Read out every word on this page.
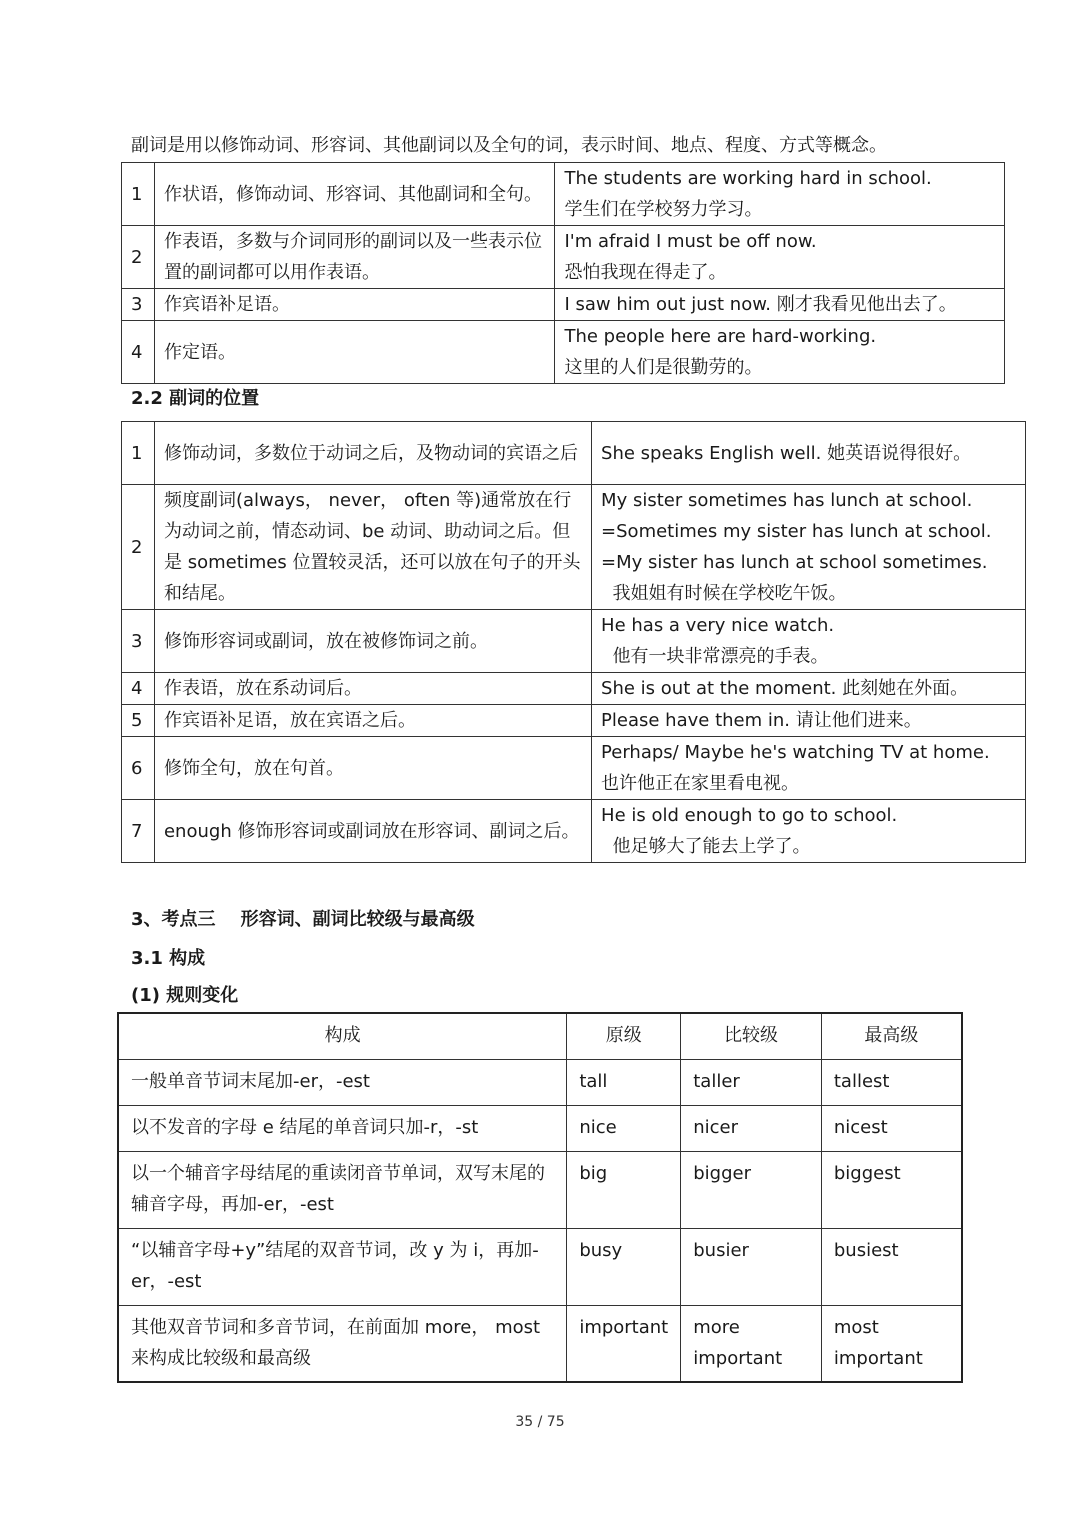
副词是用以修饰动词、形容词、其他副词以及全句的词，表示时间、地点、程度、方式等概念。
1	作状语，修饰动词、形容词、其他副词和全句。	The students are working hard in school.
学生们在学校努力学习。

2	作表语，多数与介词同形的副词以及一些表示位置的副词都可以用作表语。	I'm afraid I must be off now.
恐怕我现在得走了。

3	作宾语补足语。	I saw him out just now. 刚才我看见他出去了。

4	作定语。	The people here are hard-working.
这里的人们是很勤劳的。
2.2 副词的位置
1	修饰动词，多数位于动词之后，及物动词的宾语之后	She speaks English well. 她英语说得很好。

2	频度副词(always， never， often 等)通常放在行为动词之前，情态动词、be 动词、助动词之后。但是 sometimes 位置较灵活，还可以放在句子的开头和结尾。	My sister sometimes has lunch at school.
=Sometimes my sister has lunch at school.
=My sister has lunch at school sometimes.
我姐姐有时候在学校吃午饭。

3	修饰形容词或副词，放在被修饰词之前。	He has a very nice watch.
他有一块非常漂亮的手表。

4	作表语，放在系动词后。	She is out at the moment. 此刻她在外面。

5	作宾语补足语，放在宾语之后。	Please have them in. 请让他们进来。

6	修饰全句，放在句首。	Perhaps/ Maybe he's watching TV at home.
也许他正在家里看电视。

7	enough 修饰形容词或副词放在形容词、副词之后。	He is old enough to go to school.
他足够大了能去上学了。
3、考点三    形容词、副词比较级与最高级
3.1 构成
(1) 规则变化
构成	原级	比较级	最高级
一般单音节词末尾加-er，-est	tall	taller	tallest
以不发音的字母 e 结尾的单音词只加-r，-st	nice	nicer	nicest
以一个辅音字母结尾的重读闭音节单词，双写末尾的辅音字母，再加-er，-est	big	bigger	biggest
“以辅音字母+y”结尾的双音节词，改 y 为 i，再加-er，-est	busy	busier	busiest
其他双音节词和多音节词，在前面加 more， most 来构成比较级和最高级	important	more important	most important
35 / 75
